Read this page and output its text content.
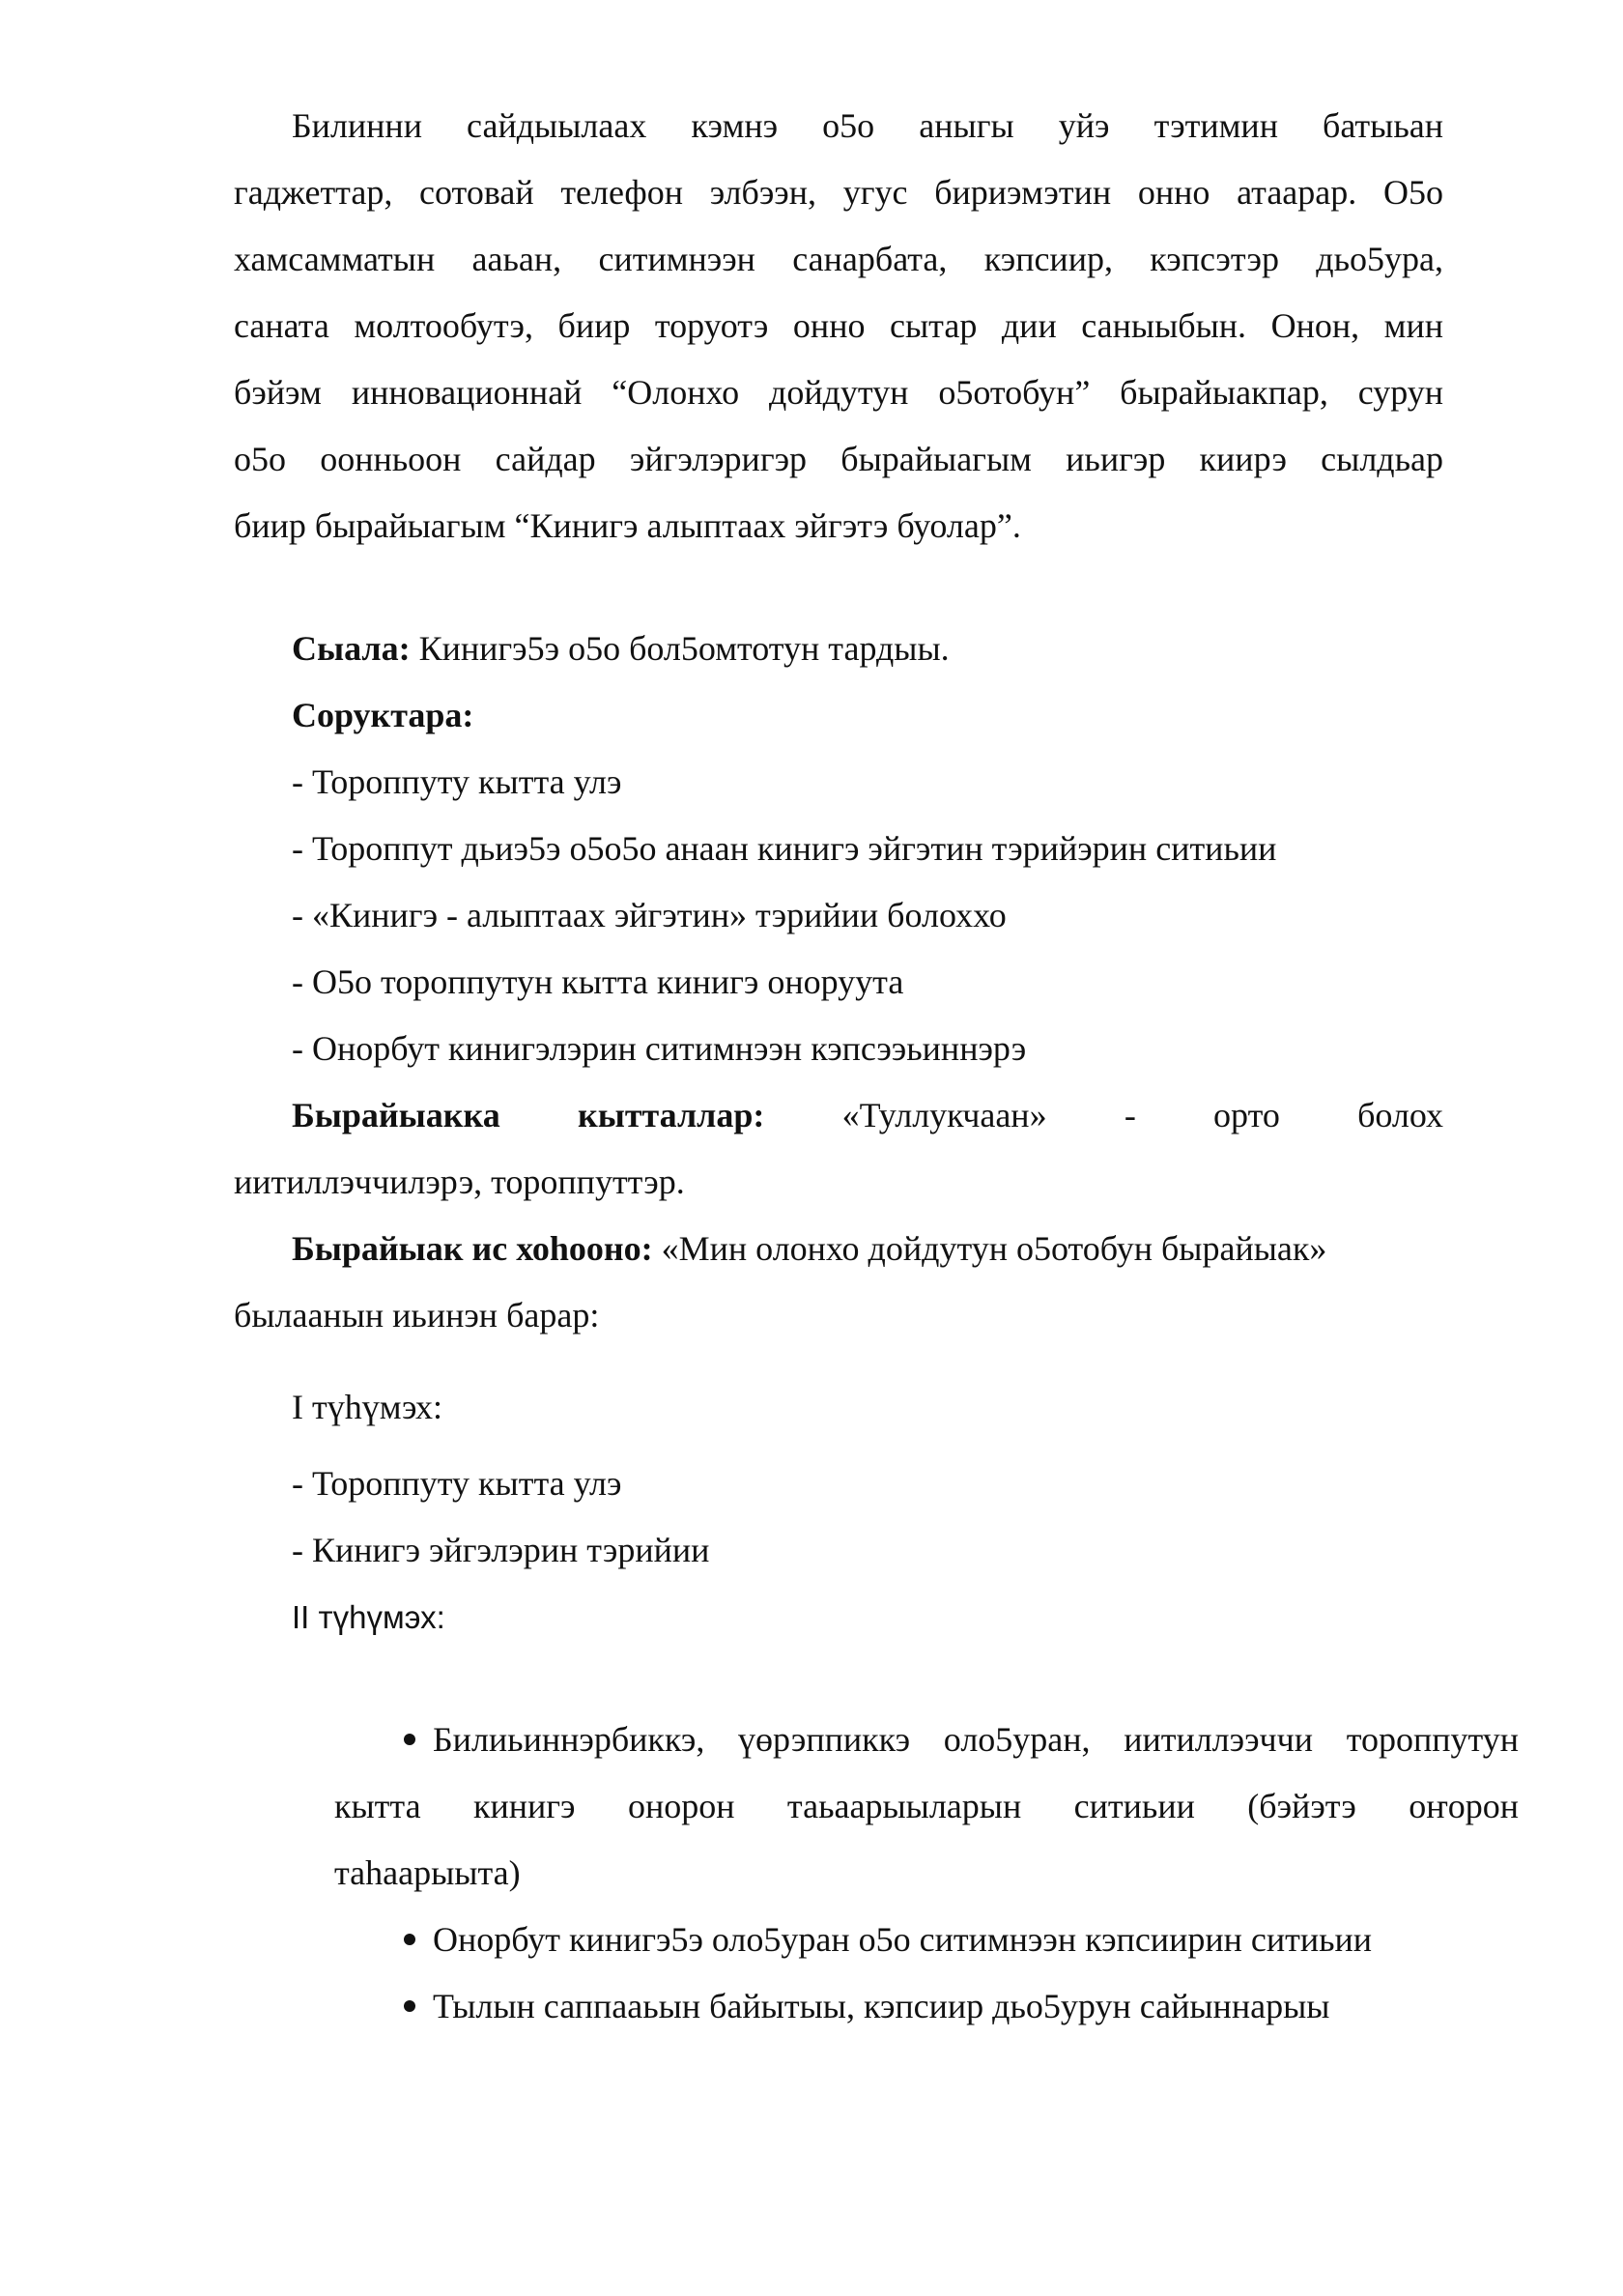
Билинни сайдыылаах кэмнэ о5о аныгы уйэ тэтимин батыьан

гаджеттар, сотовай телефон элбээн, угус бириэмэтин онно атаарар. О5о

хамсамматын ааьан, ситимнээн санарбата, кэпсиир, кэпсэтэр дьо5ура,

саната молтообутэ, биир торуотэ онно сытар дии саныыбын. Онон, мин

бэйэм инновационнай “Олонхо дойдутун о5отобун” бырайыакпар, сурун

о5о оонньоон сайдар эйгэлэригэр бырайыагым иьигэр киирэ сылдьар

биир бырайыагым “Кинигэ алыптаах эйгэтэ буолар”.

Сыала: Кинигэ5э о5о бол5омтотун тардыы.

Соруктара:

- Тороппуту кытта улэ

- Тороппут дьиэ5э о5о5о анаан кинигэ эйгэтин тэрийэрин ситиьии

- «Кинигэ - алыптаах эйгэтин» тэрийии болоххо

- О5о тороппутун кытта кинигэ оноруута

- Онорбут кинигэлэрин ситимнээн кэпсээьиннэрэ

Бырайыакка кытталлар: «Туллукчаан» - орто болох

иитиллэччилэрэ, тороппуттэр.

Бырайыак ис хоhооно: «Мин олонхо дойдутун о5отобун бырайыак»

былаанын иьинэн барар:

I түhүмэх:

- Тороппуту кытта улэ

- Кинигэ эйгэлэрин тэрийии

II түһүмэх:

Билиьиннэрбиккэ, үөрэппиккэ оло5уран, иитиллээччи тороппутун

кытта кинигэ онорон таьаарыыларын ситиьии (бэйэтэ оҥорон

таhаарыыта)

Онорбут кинигэ5э оло5уран о5о ситимнээн кэпсиирин ситиьии

Тылын саппааьын байытыы, кэпсиир дьо5урун сайыннарыы
